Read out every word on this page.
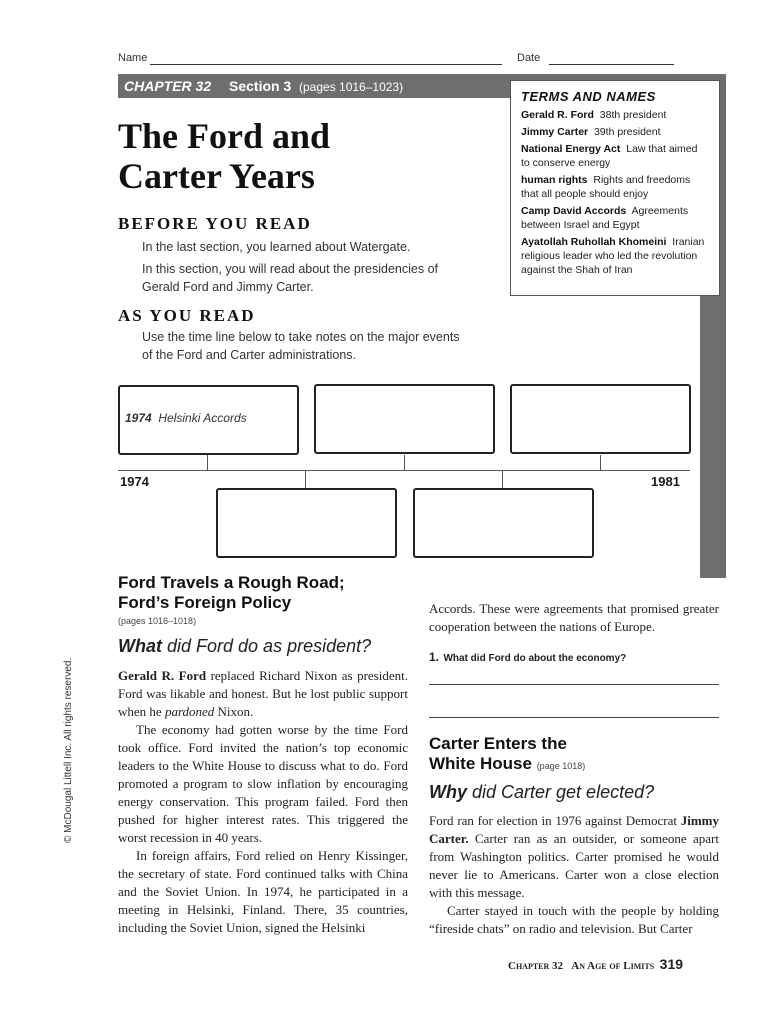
Name	Date
CHAPTER 32 Section 3 (pages 1016–1023)
TERMS AND NAMES
Gerald R. Ford 38th president
Jimmy Carter 39th president
National Energy Act Law that aimed to conserve energy
human rights Rights and freedoms that all people should enjoy
Camp David Accords Agreements between Israel and Egypt
Ayatollah Ruhollah Khomeini Iranian religious leader who led the revolution against the Shah of Iran
The Ford and
Carter Years
BEFORE YOU READ
In the last section, you learned about Watergate.
In this section, you will read about the presidencies of
Gerald Ford and Jimmy Carter.
AS YOU READ
Use the time line below to take notes on the major events
of the Ford and Carter administrations.
1974 Helsinki Accords
1974	1981
© McDougal Littell Inc. All rights reserved.
Ford Travels a Rough Road;
Ford’s Foreign Policy
(pages 1016–1018)
What did Ford do as president?

Gerald R. Ford replaced Richard Nixon as president. Ford was likable and honest. But he lost public support when he pardoned Nixon.

The economy had gotten worse by the time Ford took office. Ford invited the nation’s top economic leaders to the White House to discuss what to do. Ford promoted a program to slow inflation by encouraging energy conservation. This program failed. Ford then pushed for higher interest rates. This triggered the worst recession in 40 years.

In foreign affairs, Ford relied on Henry Kissinger, the secretary of state. Ford continued talks with China and the Soviet Union. In 1974, he participated in a meeting in Helsinki, Finland. There, 35 countries, including the Soviet Union, signed the Helsinki

Accords. These were agreements that promised greater cooperation between the nations of Europe.

1. What did Ford do about the economy?
Carter Enters the
White House (page 1018)
Why did Carter get elected?

Ford ran for election in 1976 against Democrat Jimmy Carter. Carter ran as an outsider, or someone apart from Washington politics. Carter promised he would never lie to Americans. Carter won a close election with this message.

Carter stayed in touch with the people by holding “fireside chats” on radio and television. But Carter

Chapter 32 An Age of Limits 319
